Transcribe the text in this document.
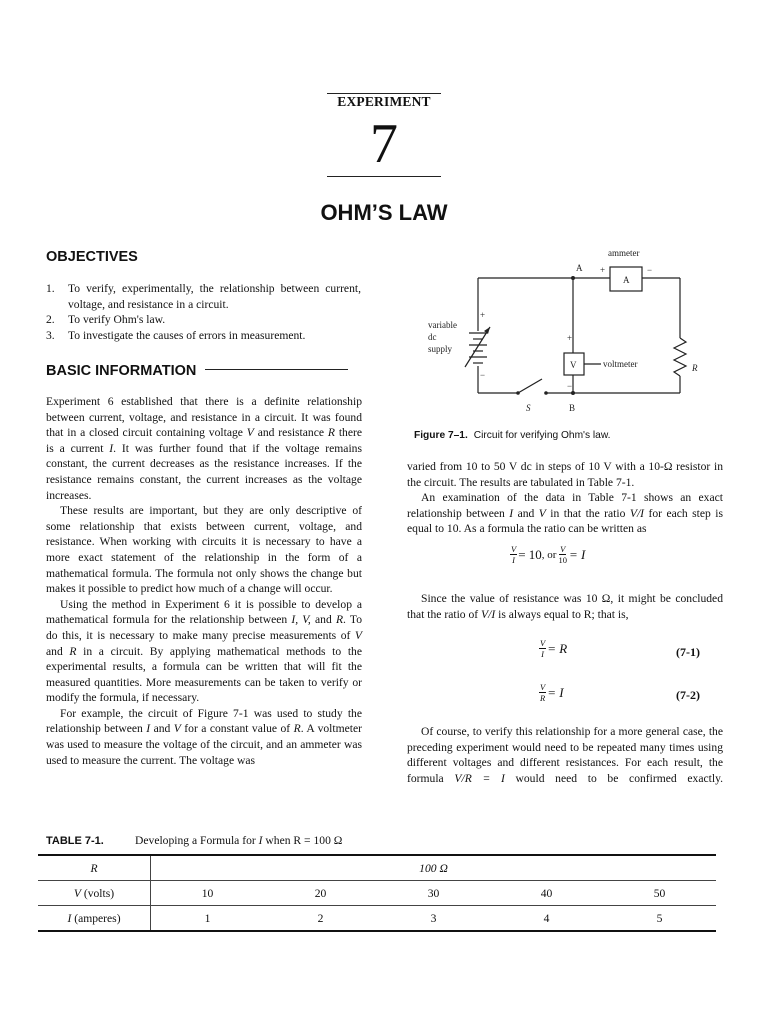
EXPERIMENT
7
OHM’S LAW
OBJECTIVES
1.	To verify, experimentally, the relationship between current, voltage, and resistance in a circuit.
2.	To verify Ohm's law.
3.	To investigate the causes of errors in measurement.
BASIC INFORMATION

Experiment 6 established that there is a definite relationship between current, voltage, and resistance in a circuit. It was found that in a closed circuit containing voltage V and resistance R there is a current I. It was further found that if the voltage remains constant, the current decreases as the resistance increases. If the resistance remains constant, the current increases as the voltage increases.

These results are important, but they are only descriptive of some relationship that exists between current, voltage, and resistance. When working with circuits it is necessary to have a more exact statement of the relationship in the form of a mathematical formula. The formula not only shows the change but makes it possible to predict how much of a change will occur.

Using the method in Experiment 6 it is possible to develop a mathematical formula for the relationship between I, V, and R. To do this, it is necessary to make many precise measurements of V and R in a circuit. By applying mathematical methods to the experimental results, a formula can be written that will fit the measured quantities. More measurements can be taken to verify or modify the formula, if necessary.

For example, the circuit of Figure 7-1 was used to study the relationship between I and V for a constant value of R. A voltmeter was used to measure the voltage of the circuit, and an ammeter was used to measure the current. The voltage was

ammeter
A +	−
A
+
−
variable
dc
supply
+
−
V	voltmeter	R
S	B
Figure 7–1. Circuit for verifying Ohm's law.

varied from 10 to 50 V dc in steps of 10 V with a 10-Ω resistor in the circuit. The results are tabulated in Table 7-1.

An examination of the data in Table 7-1 shows an exact relationship between I and V in that the ratio V/I for each step is equal to 10. As a formula the ratio can be written as

$\frac{V}{I} = 10$ , or $\frac{V}{10} = I$

Since the value of resistance was 10 Ω, it might be concluded that the ratio of V/I is always equal to R; that is,

$\frac{V}{I} = R$	(7-1)
$\frac{V}{R} = I$	(7-2)

Of course, to verify this relationship for a more general case, the preceding experiment would need to be repeated many times using different voltages and different resistances. For each result, the formula V/R = I would need to be confirmed exactly.

TABLE 7-1.	Developing a Formula for I when R = 100 Ω
R	100 Ω				
V (volts)	10	20	30	40	50
I (amperes)	1	2	3	4	5
